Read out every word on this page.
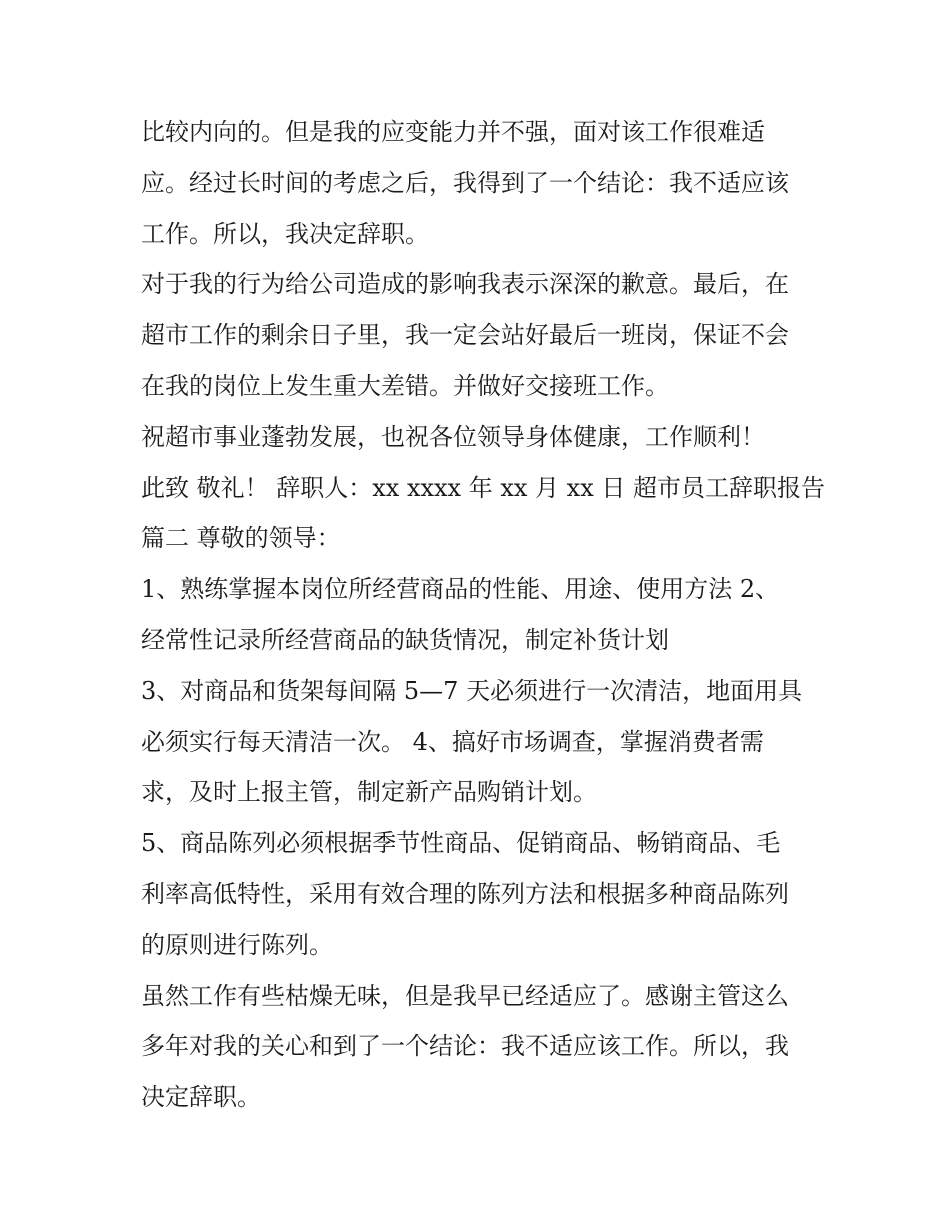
比较内向的。但是我的应变能力并不强，面对该工作很难适
应。经过长时间的考虑之后，我得到了一个结论：我不适应该
工作。所以，我决定辞职。
对于我的行为给公司造成的影响我表示深深的歉意。最后，在
超市工作的剩余日子里，我一定会站好最后一班岗，保证不会
在我的岗位上发生重大差错。并做好交接班工作。
祝超市事业蓬勃发展，也祝各位领导身体健康，工作顺利！
此致 敬礼！ 辞职人：xx xxxx 年 xx 月 xx 日 超市员工辞职报告
篇二 尊敬的领导：
1、熟练掌握本岗位所经营商品的性能、用途、使用方法 2、
经常性记录所经营商品的缺货情况，制定补货计划
3、对商品和货架每间隔 5—7 天必须进行一次清洁，地面用具
必须实行每天清洁一次。 4、搞好市场调查，掌握消费者需
求，及时上报主管，制定新产品购销计划。
5、商品陈列必须根据季节性商品、促销商品、畅销商品、毛
利率高低特性，采用有效合理的陈列方法和根据多种商品陈列
的原则进行陈列。
虽然工作有些枯燥无味，但是我早已经适应了。感谢主管这么
多年对我的关心和到了一个结论：我不适应该工作。所以，我
决定辞职。
